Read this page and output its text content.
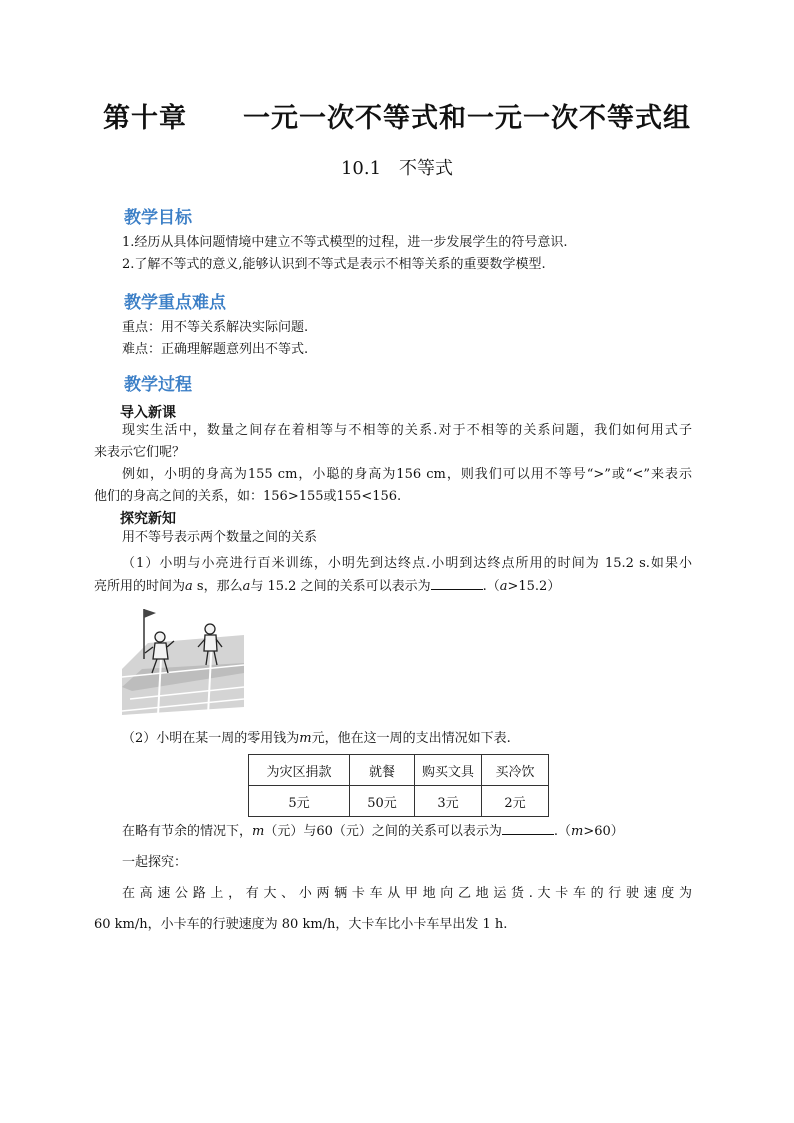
第十章　　 一元一次不等式和一元一次不等式组
10.1　不等式
教学目标
1.经历从具体问题情境中建立不等式模型的过程，进一步发展学生的符号意识.
2.了解不等式的意义,能够认识到不等式是表示不相等关系的重要数学模型.
教学重点难点
重点：用不等关系解决实际问题.
难点：正确理解题意列出不等式.
教学过程
导入新课
现实生活中，数量之间存在着相等与不相等的关系.对于不相等的关系问题，我们如何用式子
来表示它们呢？
例如，小明的身高为155 cm，小聪的身高为156 cm，则我们可以用不等号“>”或“<”来表示
他们的身高之间的关系，如：156>155或155<156.
探究新知
用不等号表示两个数量之间的关系
（1）小明与小亮进行百米训练，小明先到达终点.小明到达终点所用的时间为 15.2 s.如果小
亮所用的时间为a s，那么a与 15.2 之间的关系可以表示为	.（a>15.2）
（2）小明在某一周的零用钱为m元，他在这一周的支出情况如下表.
为灾区捐款	就餐	购买文具	买冷饮
5元	50元	3元	2元
在略有节余的情况下，m（元）与60（元）之间的关系可以表示为	.（m>60）
一起探究：
在高速公路上，有大、小两辆卡车从甲地向乙地运货.大卡车的行驶速度为
60 km/h，小卡车的行驶速度为 80 km/h，大卡车比小卡车早出发 1 h.
